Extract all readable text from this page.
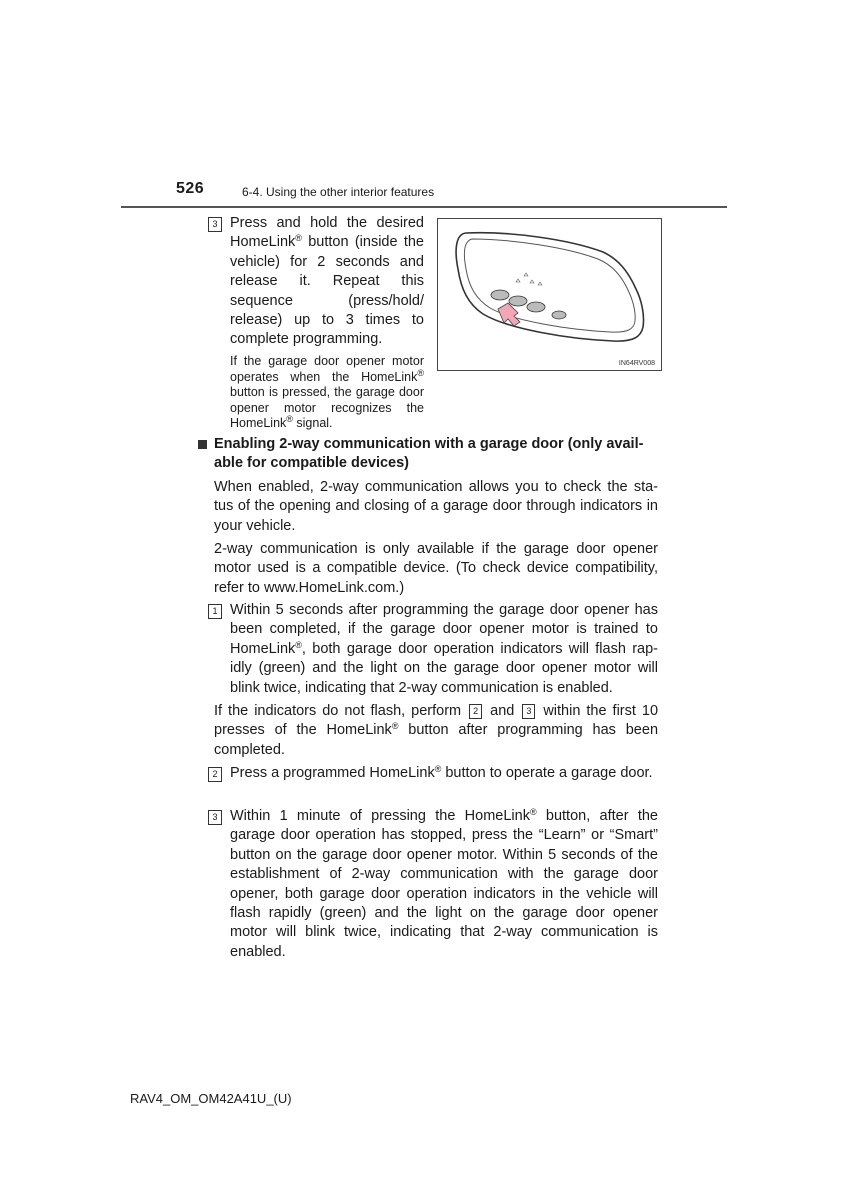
526	6-4. Using the other interior features
3 Press and hold the desired HomeLink® button (inside the vehicle) for 2 seconds and release it. Repeat this sequence (press/hold/ release) up to 3 times to complete programming.
If the garage door opener motor operates when the HomeLink® button is pressed, the garage door opener motor recognizes the HomeLink® signal.
IN64RV008
Enabling 2-way communication with a garage door (only avail- able for compatible devices)
When enabled, 2-way communication allows you to check the sta- tus of the opening and closing of a garage door through indicators in your vehicle.
2-way communication is only available if the garage door opener motor used is a compatible device. (To check device compatibility, refer to www.HomeLink.com.)
1 Within 5 seconds after programming the garage door opener has been completed, if the garage door opener motor is trained to HomeLink®, both garage door operation indicators will flash rap- idly (green) and the light on the garage door opener motor will blink twice, indicating that 2-way communication is enabled.
If the indicators do not flash, perform 2 and 3 within the first 10 presses of the HomeLink® button after programming has been completed.
2 Press a programmed HomeLink® button to operate a garage door.
3 Within 1 minute of pressing the HomeLink® button, after the garage door operation has stopped, press the “Learn” or “Smart” button on the garage door opener motor. Within 5 seconds of the establishment of 2-way communication with the garage door opener, both garage door operation indicators in the vehicle will flash rapidly (green) and the light on the garage door opener motor will blink twice, indicating that 2-way communication is enabled.
RAV4_OM_OM42A41U_(U)
